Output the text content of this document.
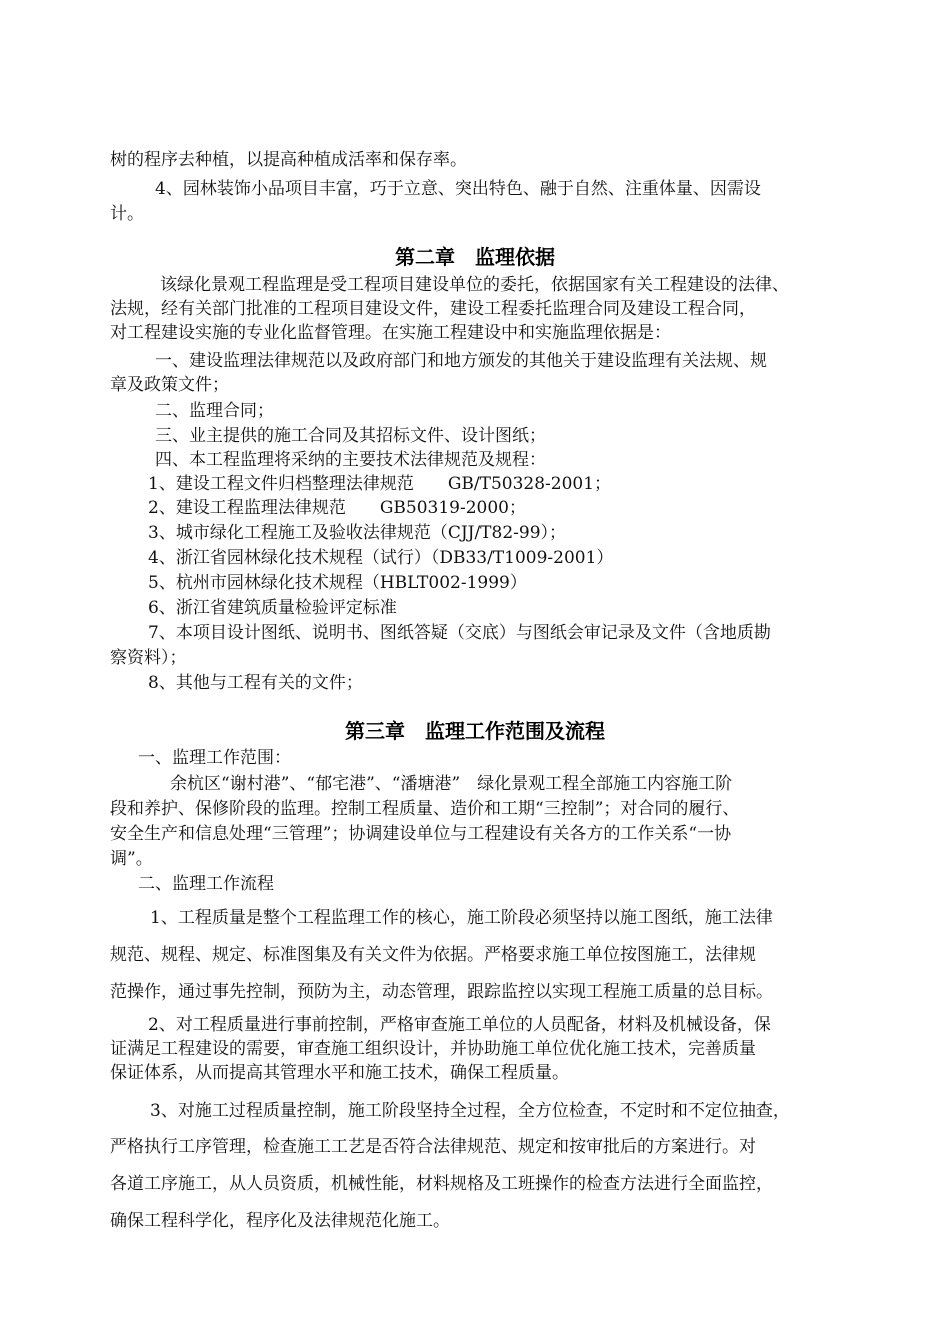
树的程序去种植，以提高种植成活率和保存率。
4、园林装饰小品项目丰富，巧于立意、突出特色、融于自然、注重体量、因需设
计。
第二章　监理依据
该绿化景观工程监理是受工程项目建设单位的委托，依据国家有关工程建设的法律、
法规，经有关部门批准的工程项目建设文件，建设工程委托监理合同及建设工程合同，
对工程建设实施的专业化监督管理。在实施工程建设中和实施监理依据是：
一、建设监理法律规范以及政府部门和地方颁发的其他关于建设监理有关法规、规
章及政策文件；
二、监理合同；
三、业主提供的施工合同及其招标文件、设计图纸；
四、本工程监理将采纳的主要技术法律规范及规程：
1、建设工程文件归档整理法律规范　　GB/T50328-2001；
2、建设工程监理法律规范　　GB50319-2000；
3、城市绿化工程施工及验收法律规范（CJJ/T82-99）；
4、浙江省园林绿化技术规程（试行）（DB33/T1009-2001）
5、杭州市园林绿化技术规程（HBLT002-1999）
6、浙江省建筑质量检验评定标准
7、本项目设计图纸、说明书、图纸答疑（交底）与图纸会审记录及文件（含地质勘
察资料）；
8、其他与工程有关的文件；
第三章　监理工作范围及流程
一、监理工作范围：
余杭区“谢村港”、“郁宅港”、“潘塘港”　绿化景观工程全部施工内容施工阶
段和养护、保修阶段的监理。控制工程质量、造价和工期“三控制”；对合同的履行、
安全生产和信息处理“三管理”；协调建设单位与工程建设有关各方的工作关系“一协
调”。
二、监理工作流程
1、工程质量是整个工程监理工作的核心，施工阶段必须坚持以施工图纸，施工法律
规范、规程、规定、标准图集及有关文件为依据。严格要求施工单位按图施工，法律规
范操作，通过事先控制，预防为主，动态管理，跟踪监控以实现工程施工质量的总目标。
2、对工程质量进行事前控制，严格审查施工单位的人员配备，材料及机械设备，保
证满足工程建设的需要，审查施工组织设计，并协助施工单位优化施工技术，完善质量
保证体系，从而提高其管理水平和施工技术，确保工程质量。
3、对施工过程质量控制，施工阶段坚持全过程，全方位检查，不定时和不定位抽查，
严格执行工序管理，检查施工工艺是否符合法律规范、规定和按审批后的方案进行。对
各道工序施工，从人员资质，机械性能，材料规格及工班操作的检查方法进行全面监控，
确保工程科学化，程序化及法律规范化施工。
